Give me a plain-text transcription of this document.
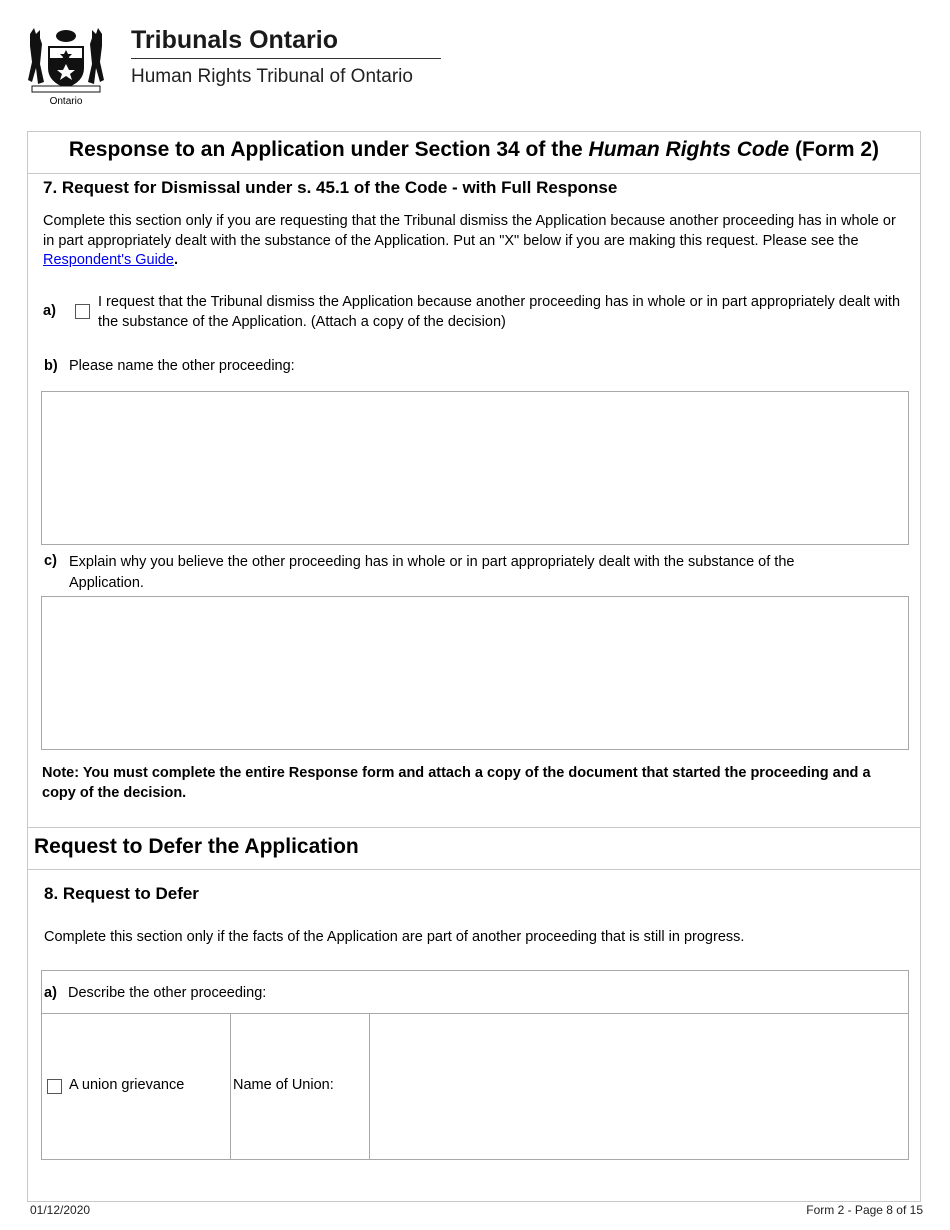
Ontario
Tribunals Ontario
Human Rights Tribunal of Ontario
Response to an Application under Section 34 of the Human Rights Code (Form 2)
7. Request for Dismissal under s. 45.1 of the Code - with Full Response
Complete this section only if you are requesting that the Tribunal dismiss the Application because another proceeding has in whole or in part appropriately dealt with the substance of the Application. Put an "X" below if you are making this request. Please see the Respondent's Guide.
a)
I request that the Tribunal dismiss the Application because another proceeding has in whole or in part appropriately dealt with the substance of the Application. (Attach a copy of the decision)
b) Please name the other proceeding:
c) Explain why you believe the other proceeding has in whole or in part appropriately dealt with the substance of the Application.
Note: You must complete the entire Response form and attach a copy of the document that started the proceeding and a copy of the decision.
Request to Defer the Application
8. Request to Defer
Complete this section only if the facts of the Application are part of another proceeding that is still in progress.
a) Describe the other proceeding:
A union grievance	Name of Union:
01/12/2020	Form 2 - Page 8 of 15
